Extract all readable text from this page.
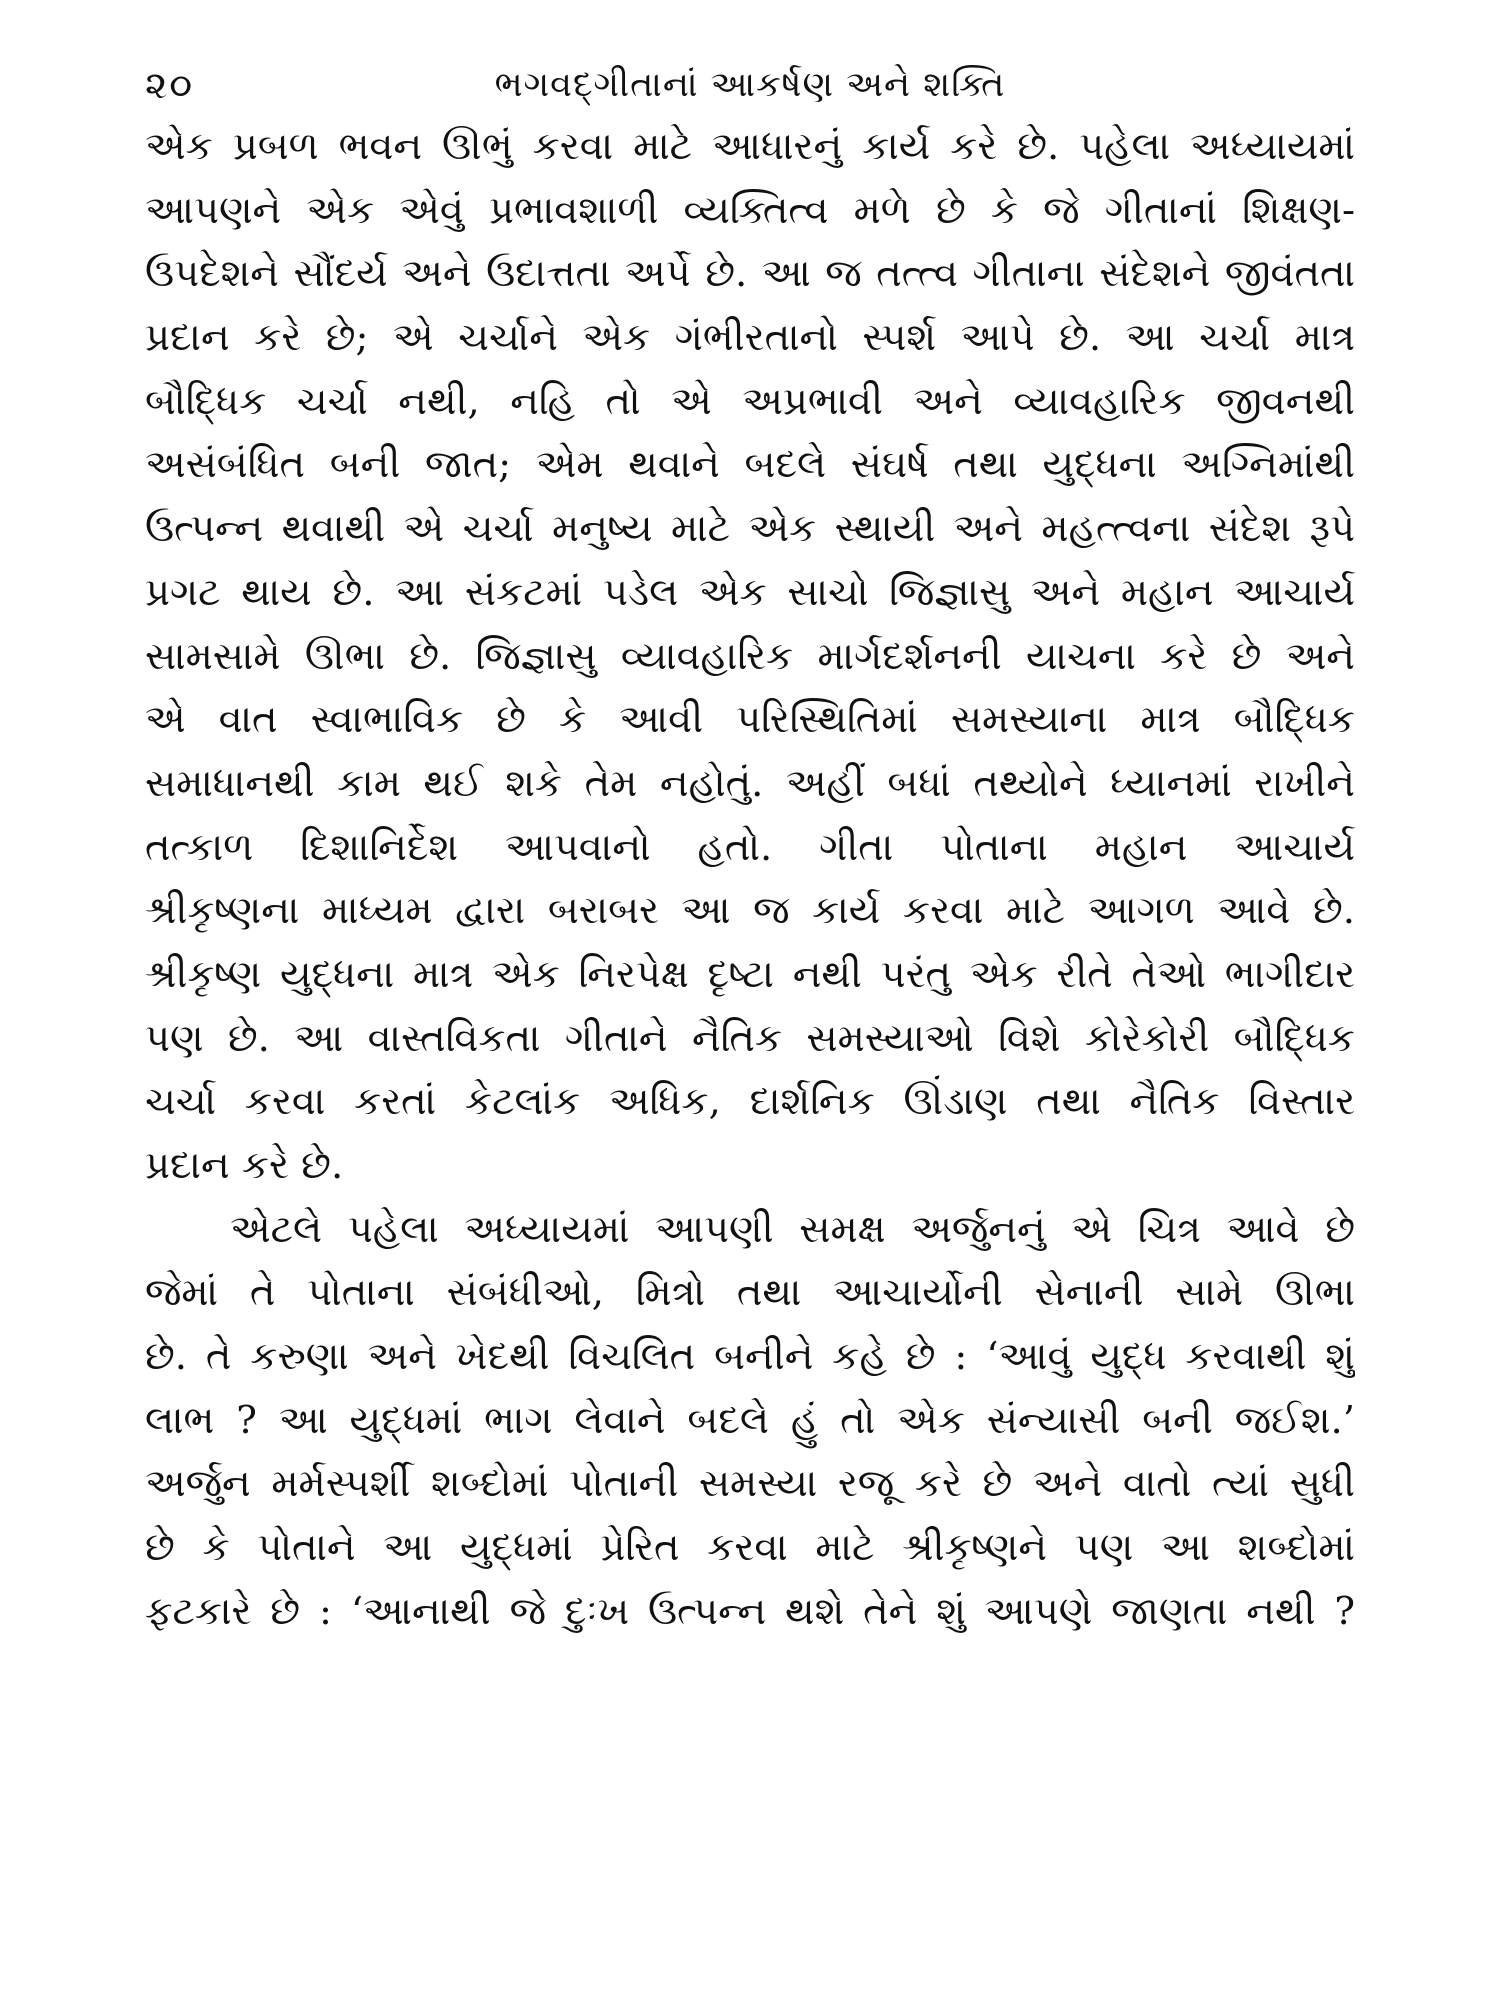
૨૦	ભગવદ્‌ગીતાનાં આકર્ષણ અને શક્તિ
એક પ્રબળ ભવન ઊભું કરવા માટે આધારનું કાર્ય કરે છે. પહેલા અધ્યાયમાં
આપણને એક એવું પ્રભાવશાળી વ્યક્તિત્વ મળે છે કે જે ગીતાનાં શિક્ષણ-
ઉપદેશને સૌંદર્ય અને ઉદાત્તતા અર્પે છે. આ જ તત્ત્વ ગીતાના સંદેશને જીવંતતા
પ્રદાન કરે છે; એ ચર્ચાને એક ગંભીરતાનો સ્પર્શ આપે છે. આ ચર્ચા માત્ર
બૌદ્ધિક ચર્ચા નથી, નહિ તો એ અપ્રભાવી અને વ્યાવહારિક જીવનથી
અસંબંધિત બની જાત; એમ થવાને બદલે સંઘર્ષ તથા યુદ્ધના અગ્નિમાંથી
ઉત્પન્ન થવાથી એ ચર્ચા મનુષ્ય માટે એક સ્થાયી અને મહત્ત્વના સંદેશ રૂપે
પ્રગટ થાય છે. આ સંકટમાં પડેલ એક સાચો જિજ્ઞાસુ અને મહાન આચાર્ય
સામસામે ઊભા છે. જિજ્ઞાસુ વ્યાવહારિક માર્ગદર્શનની યાચના કરે છે અને
એ વાત સ્વાભાવિક છે કે આવી પરિસ્થિતિમાં સમસ્યાના માત્ર બૌદ્ધિક
સમાધાનથી કામ થઈ શકે તેમ નહોતું. અહીં બધાં તથ્યોને ધ્યાનમાં રાખીને
તત્કાળ દિશાનિર્દેશ આપવાનો હતો. ગીતા પોતાના મહાન આચાર્ય
શ્રીકૃષ્ણના માધ્યમ દ્વારા બરાબર આ જ કાર્ય કરવા માટે આગળ આવે છે.
શ્રીકૃષ્ણ યુદ્ધના માત્ર એક નિરપેક્ષ દૃષ્ટા નથી પરંતુ એક રીતે તેઓ ભાગીદાર
પણ છે. આ વાસ્તવિકતા ગીતાને નૈતિક સમસ્યાઓ વિશે કોરેકોરી બૌદ્ધિક
ચર્ચા કરવા કરતાં કેટલાંક અધિક, દાર્શનિક ઊંડાણ તથા નૈતિક વિસ્તાર
પ્રદાન કરે છે.
એટલે પહેલા અધ્યાયમાં આપણી સમક્ષ અર્જુનનું એ ચિત્ર આવે છે
જેમાં તે પોતાના સંબંધીઓ, મિત્રો તથા આચાર્યોની સેનાની સામે ઊભા
છે. તે કરુણા અને ખેદથી વિચલિત બનીને કહે છે : ‘આવું યુદ્ધ કરવાથી શું
લાભ ? આ યુદ્ધમાં ભાગ લેવાને બદલે હું તો એક સંન્યાસી બની જઈશ.’
અર્જુન મર્મસ્પર્શી શબ્દોમાં પોતાની સમસ્યા રજૂ કરે છે અને વાતો ત્યાં સુધી
છે કે પોતાને આ યુદ્ધમાં પ્રેરિત કરવા માટે શ્રીકૃષ્ણને પણ આ શબ્દોમાં
ફટકારે છે : ‘આનાથી જે દુઃખ ઉત્પન્ન થશે તેને શું આપણે જાણતા નથી ?
